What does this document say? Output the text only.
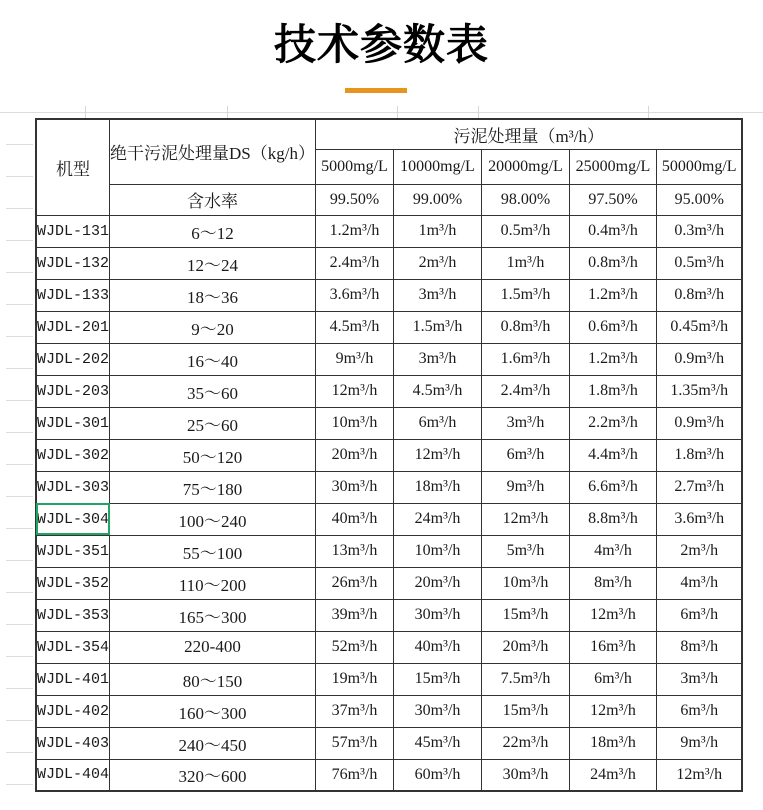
技术参数表
机型	绝干污泥处理量DS（kg/h）	污泥处理量（m³/h）				
		5000mg/L	10000mg/L	20000mg/L	25000mg/L	50000mg/L
	含水率	99.50%	99.00%	98.00%	97.50%	95.00%
WJDL-131	6～12	1.2m³/h	1m³/h	0.5m³/h	0.4m³/h	0.3m³/h
WJDL-132	12～24	2.4m³/h	2m³/h	1m³/h	0.8m³/h	0.5m³/h
WJDL-133	18～36	3.6m³/h	3m³/h	1.5m³/h	1.2m³/h	0.8m³/h
WJDL-201	9～20	4.5m³/h	1.5m³/h	0.8m³/h	0.6m³/h	0.45m³/h
WJDL-202	16～40	9m³/h	3m³/h	1.6m³/h	1.2m³/h	0.9m³/h
WJDL-203	35～60	12m³/h	4.5m³/h	2.4m³/h	1.8m³/h	1.35m³/h
WJDL-301	25～60	10m³/h	6m³/h	3m³/h	2.2m³/h	0.9m³/h
WJDL-302	50～120	20m³/h	12m³/h	6m³/h	4.4m³/h	1.8m³/h
WJDL-303	75～180	30m³/h	18m³/h	9m³/h	6.6m³/h	2.7m³/h
WJDL-304	100～240	40m³/h	24m³/h	12m³/h	8.8m³/h	3.6m³/h
WJDL-351	55～100	13m³/h	10m³/h	5m³/h	4m³/h	2m³/h
WJDL-352	110～200	26m³/h	20m³/h	10m³/h	8m³/h	4m³/h
WJDL-353	165～300	39m³/h	30m³/h	15m³/h	12m³/h	6m³/h
WJDL-354	220-400	52m³/h	40m³/h	20m³/h	16m³/h	8m³/h
WJDL-401	80～150	19m³/h	15m³/h	7.5m³/h	6m³/h	3m³/h
WJDL-402	160～300	37m³/h	30m³/h	15m³/h	12m³/h	6m³/h
WJDL-403	240～450	57m³/h	45m³/h	22m³/h	18m³/h	9m³/h
WJDL-404	320～600	76m³/h	60m³/h	30m³/h	24m³/h	12m³/h
